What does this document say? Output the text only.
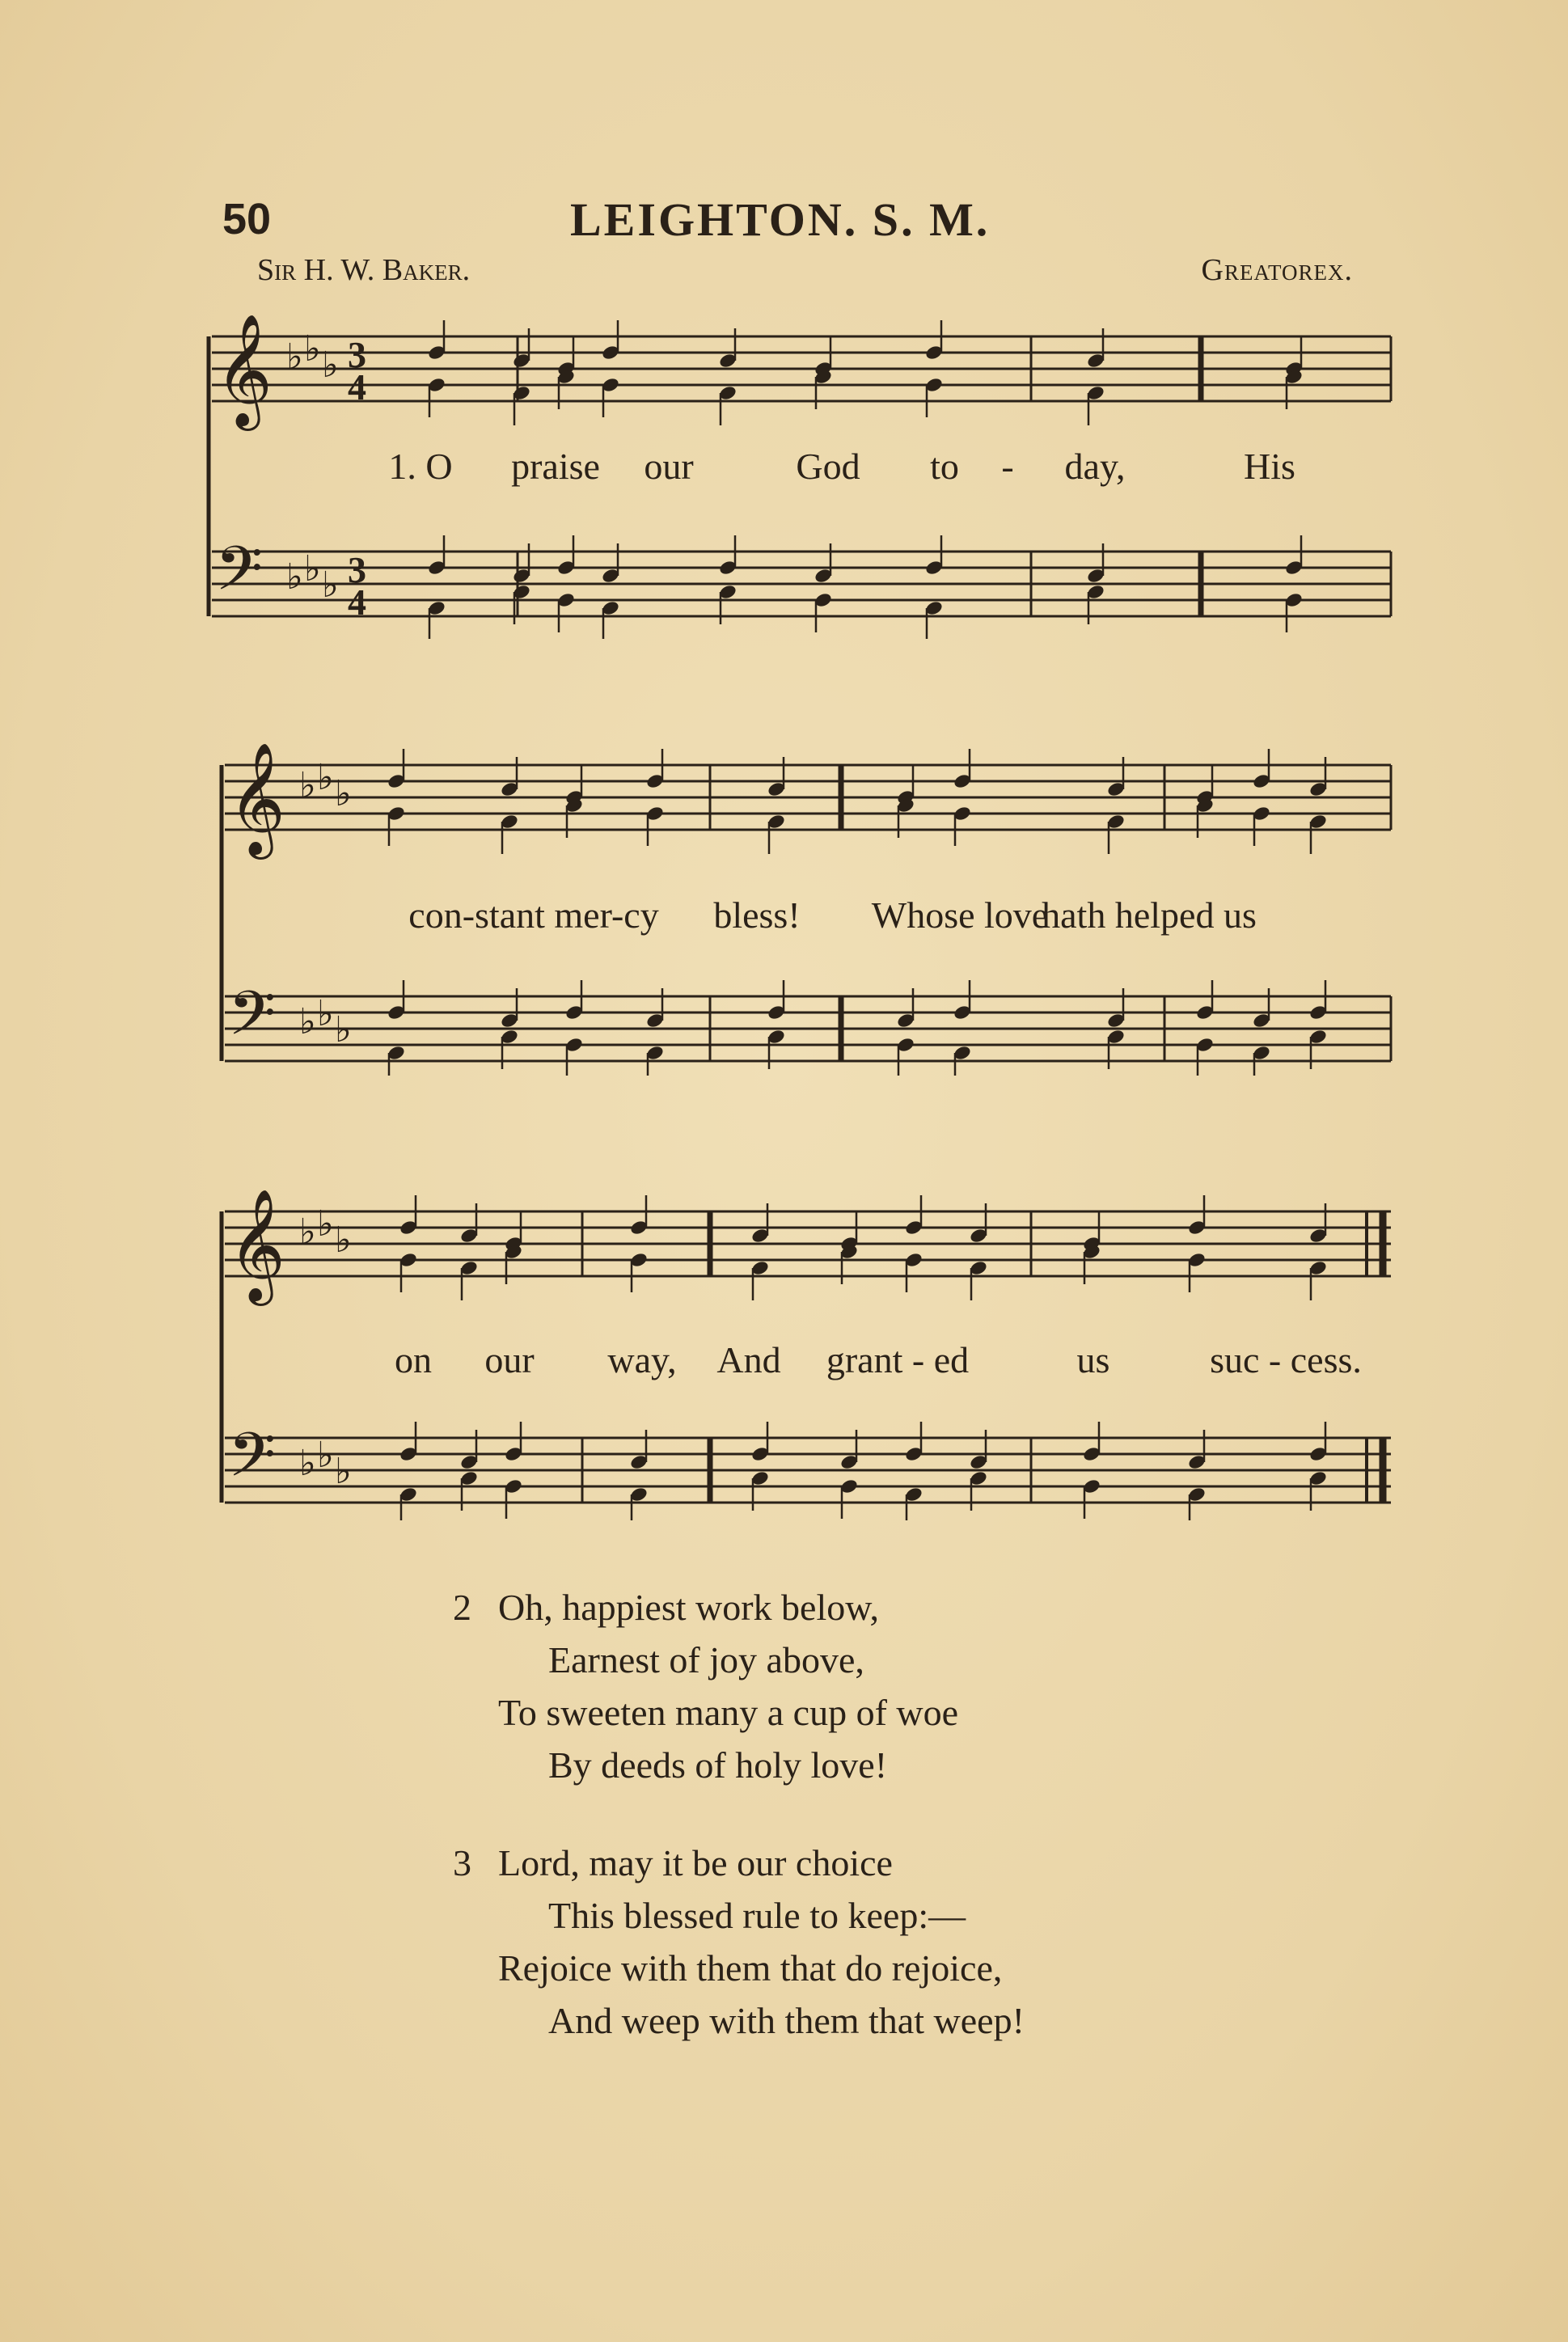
50	LEIGHTON. S. M.
Sir H. W. Baker.	Greatorex.
𝄞
𝄢
♭
♭
♭
♭
♭
♭
3
3
4
4
1. O praise our	God to - day,	His
𝄞
𝄢
♭
♭
♭
♭
♭
♭
con-stant mer-cy bless! Whose love
hath helped us
𝄞
𝄢
♭
♭
♭
♭
♭
♭
on our way, And grant - ed	us	suc - cess.
2 Oh, happiest work below,
Earnest of joy above,
To sweeten many a cup of woe
By deeds of holy love!
3 Lord, may it be our choice
This blessed rule to keep:—
Rejoice with them that do rejoice,
And weep with them that weep!
